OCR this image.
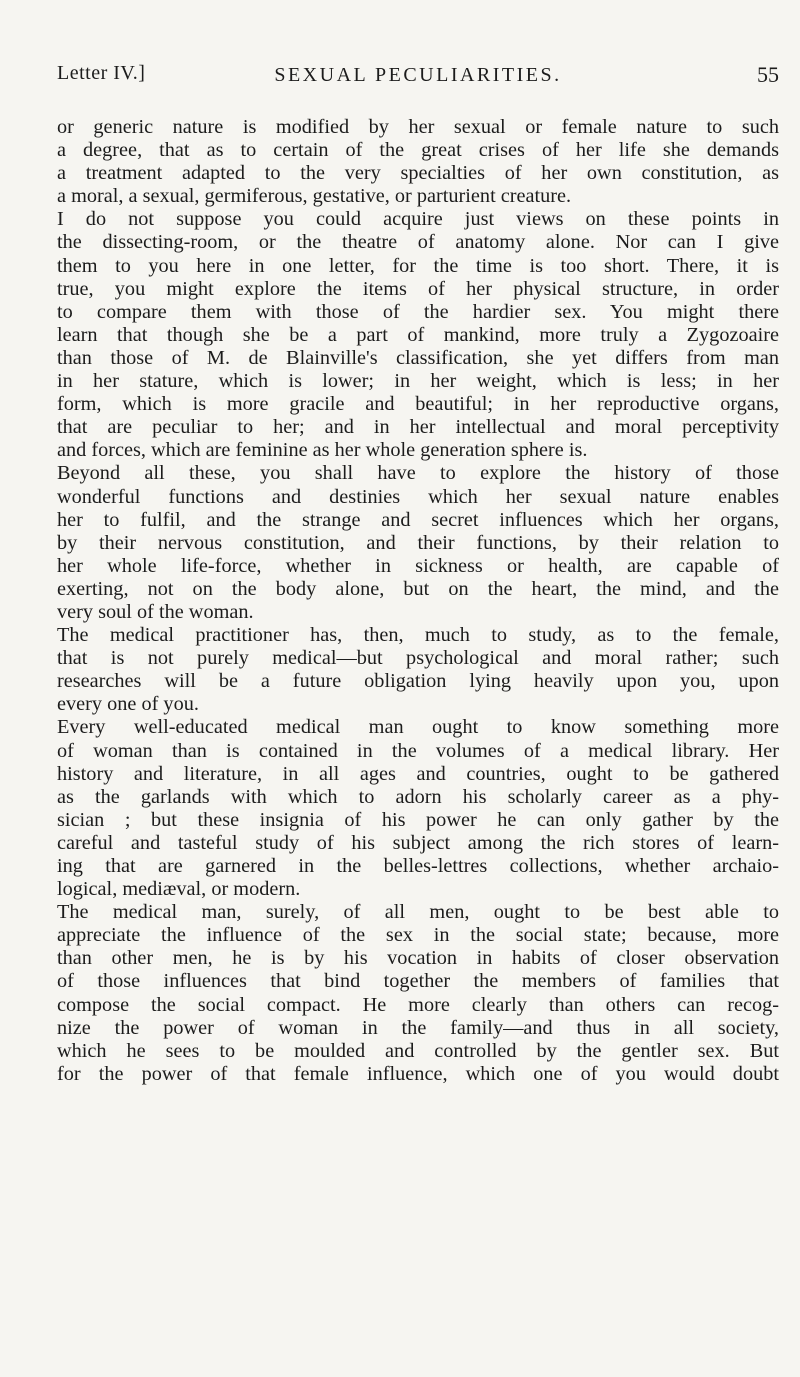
Letter IV.]	SEXUAL PECULIARITIES.	55
or generic nature is modified by her sexual or female nature to such
a degree, that as to certain of the great crises of her life she demands
a treatment adapted to the very specialties of her own constitution, as
a moral, a sexual, germiferous, gestative, or parturient creature.
I do not suppose you could acquire just views on these points in
the dissecting-room, or the theatre of anatomy alone. Nor can I give
them to you here in one letter, for the time is too short. There, it is
true, you might explore the items of her physical structure, in order
to compare them with those of the hardier sex. You might there
learn that though she be a part of mankind, more truly a Zygozoaire
than those of M. de Blainville's classification, she yet differs from man
in her stature, which is lower; in her weight, which is less; in her
form, which is more gracile and beautiful; in her reproductive organs,
that are peculiar to her; and in her intellectual and moral perceptivity
and forces, which are feminine as her whole generation sphere is.
Beyond all these, you shall have to explore the history of those
wonderful functions and destinies which her sexual nature enables
her to fulfil, and the strange and secret influences which her organs,
by their nervous constitution, and their functions, by their relation to
her whole life-force, whether in sickness or health, are capable of
exerting, not on the body alone, but on the heart, the mind, and the
very soul of the woman.
The medical practitioner has, then, much to study, as to the female,
that is not purely medical—but psychological and moral rather; such
researches will be a future obligation lying heavily upon you, upon
every one of you.
Every well-educated medical man ought to know something more
of woman than is contained in the volumes of a medical library. Her
history and literature, in all ages and countries, ought to be gathered
as the garlands with which to adorn his scholarly career as a phy-
sician ; but these insignia of his power he can only gather by the
careful and tasteful study of his subject among the rich stores of learn-
ing that are garnered in the belles-lettres collections, whether archaio-
logical, mediæval, or modern.
The medical man, surely, of all men, ought to be best able to
appreciate the influence of the sex in the social state; because, more
than other men, he is by his vocation in habits of closer observation
of those influences that bind together the members of families that
compose the social compact. He more clearly than others can recog-
nize the power of woman in the family—and thus in all society,
which he sees to be moulded and controlled by the gentler sex. But
for the power of that female influence, which one of you would doubt
